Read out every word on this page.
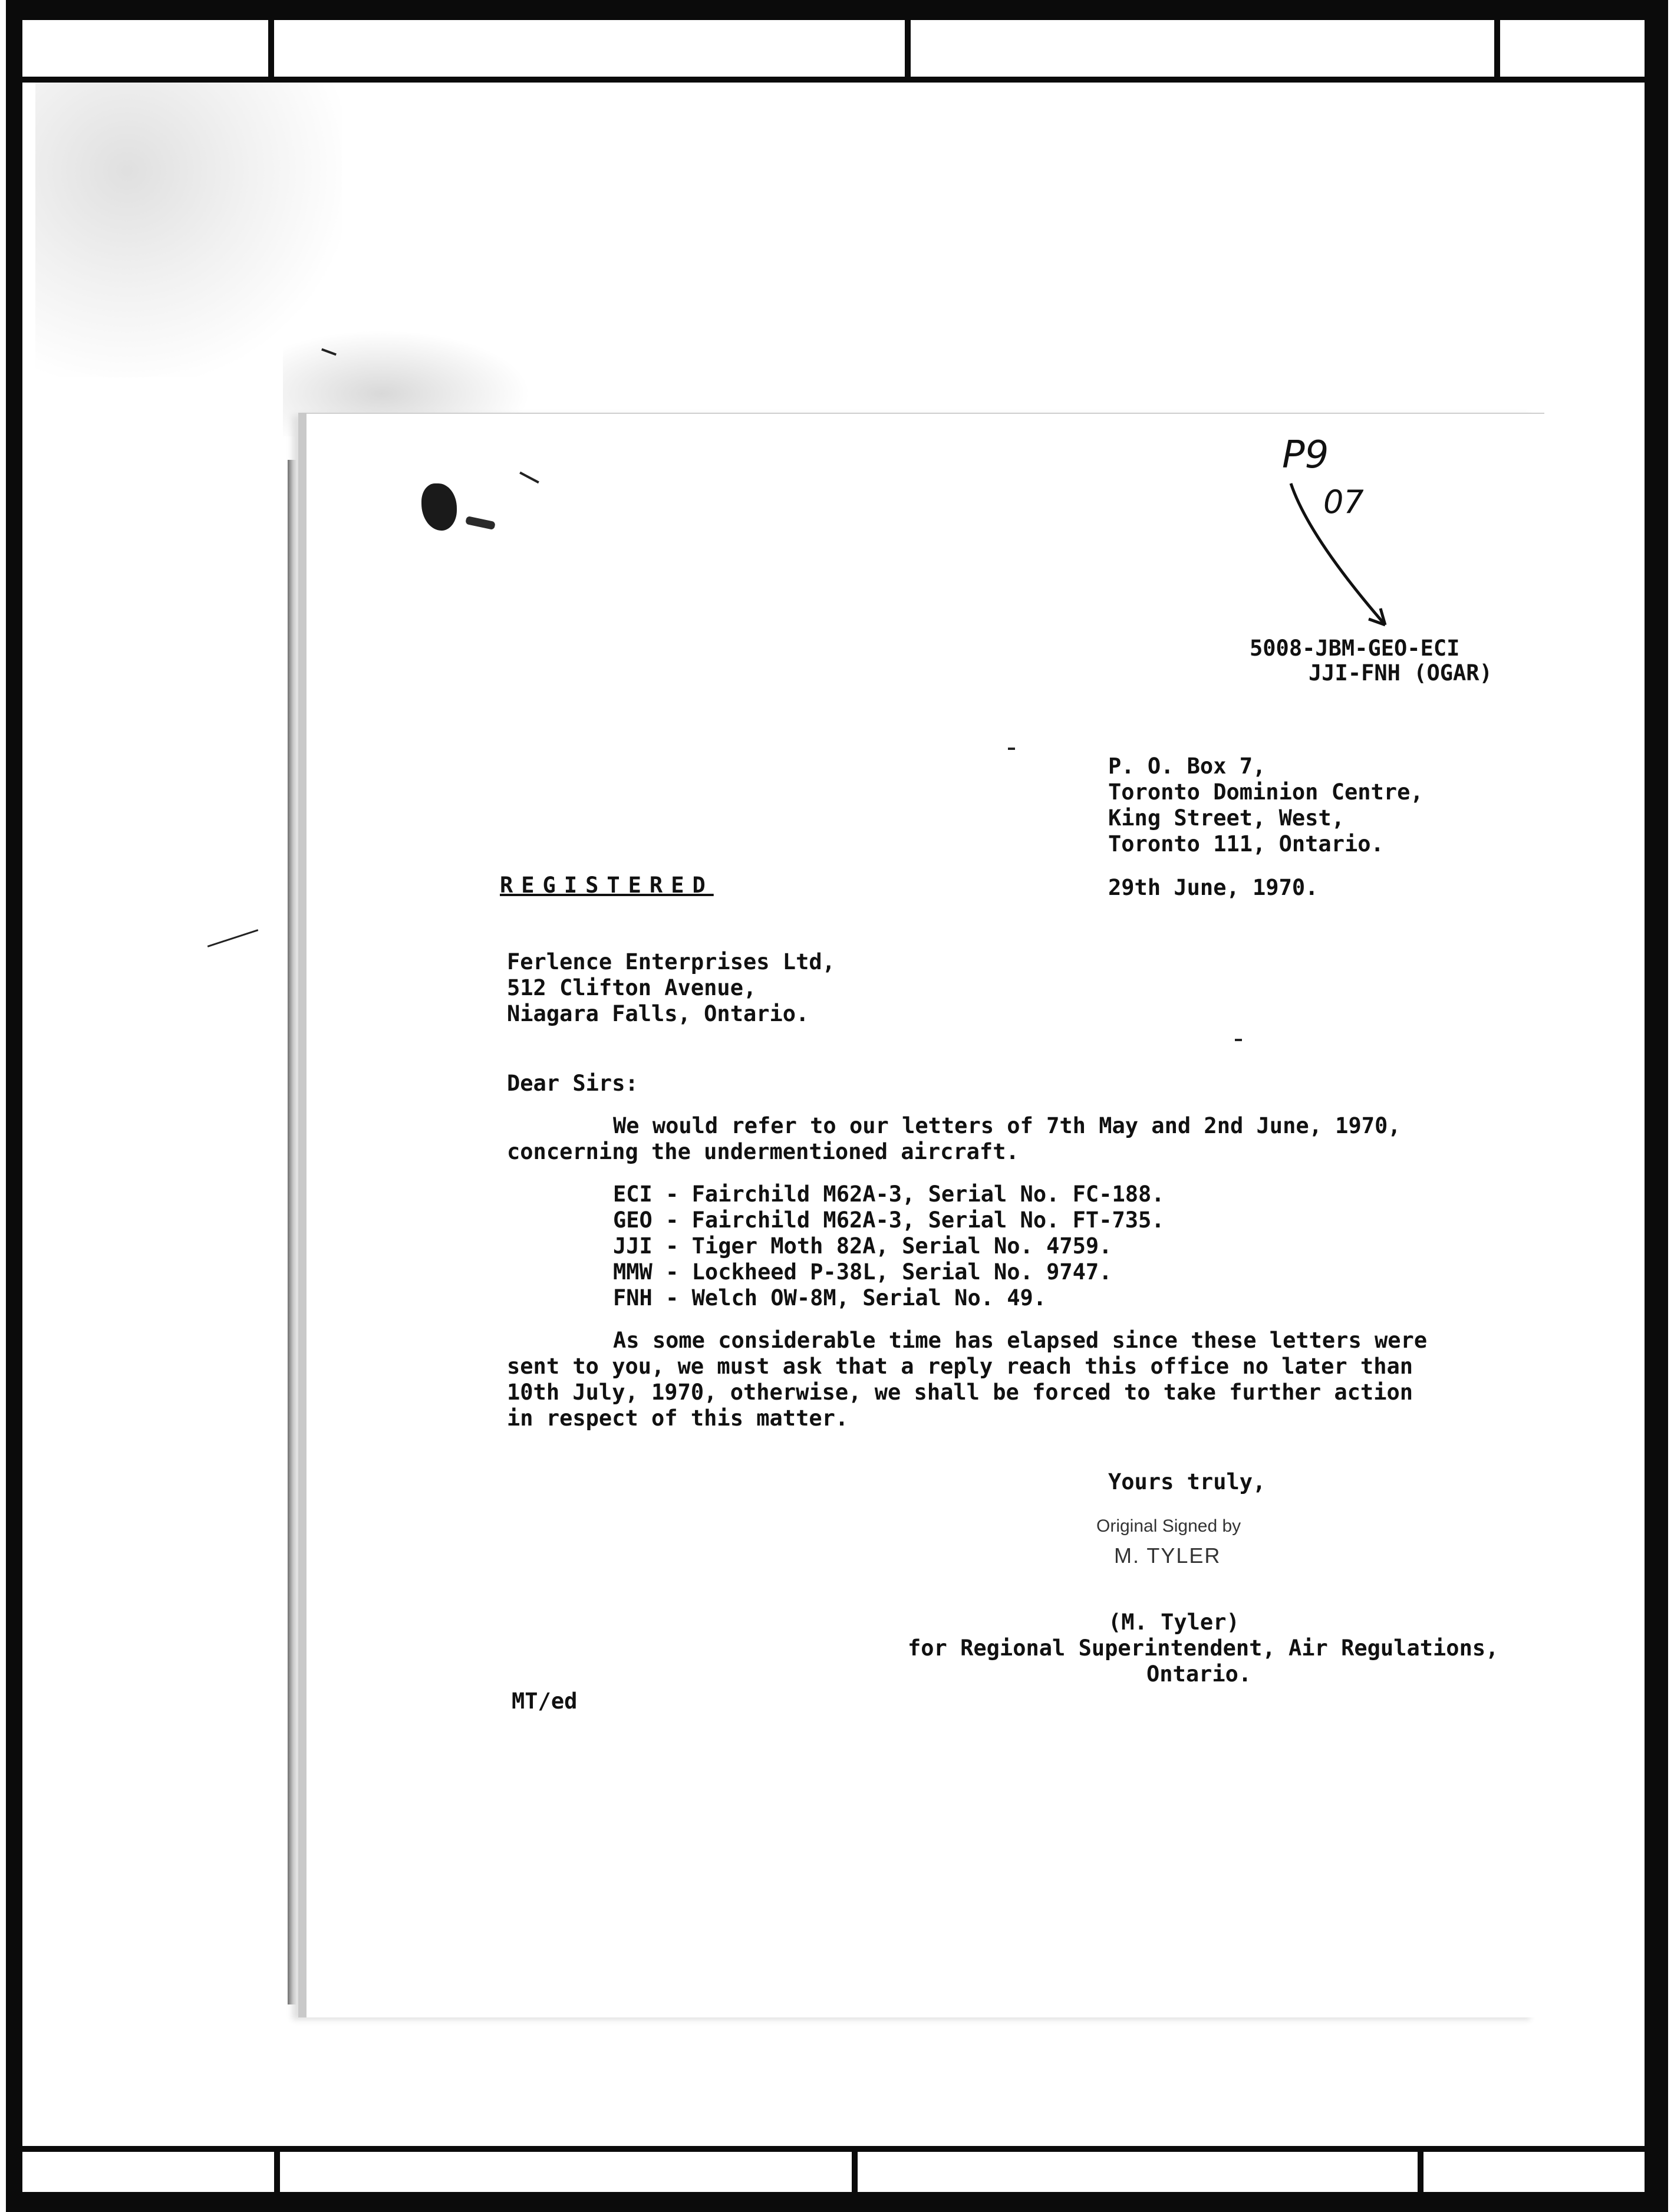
P9
07
5008-JBM-GEO-ECI
JJI-FNH (OGAR)
P. O. Box 7,
Toronto Dominion Centre,
King Street, West,
Toronto 111, Ontario.
REGISTERED	29th June, 1970.
Ferlence Enterprises Ltd,
512 Clifton Avenue,
Niagara Falls, Ontario.
Dear Sirs:
We would refer to our letters of 7th May and 2nd June, 1970,
concerning the undermentioned aircraft.
ECI - Fairchild M62A-3, Serial No. FC-188.
GEO - Fairchild M62A-3, Serial No. FT-735.
JJI - Tiger Moth 82A, Serial No. 4759.
MMW - Lockheed P-38L, Serial No. 9747.
FNH - Welch OW-8M, Serial No. 49.
As some considerable time has elapsed since these letters were
sent to you, we must ask that a reply reach this office no later than
10th July, 1970, otherwise, we shall be forced to take further action
in respect of this matter.
Yours truly,
Original Signed by
M. TYLER
(M. Tyler)
for Regional Superintendent, Air Regulations,
Ontario.
MT/ed
